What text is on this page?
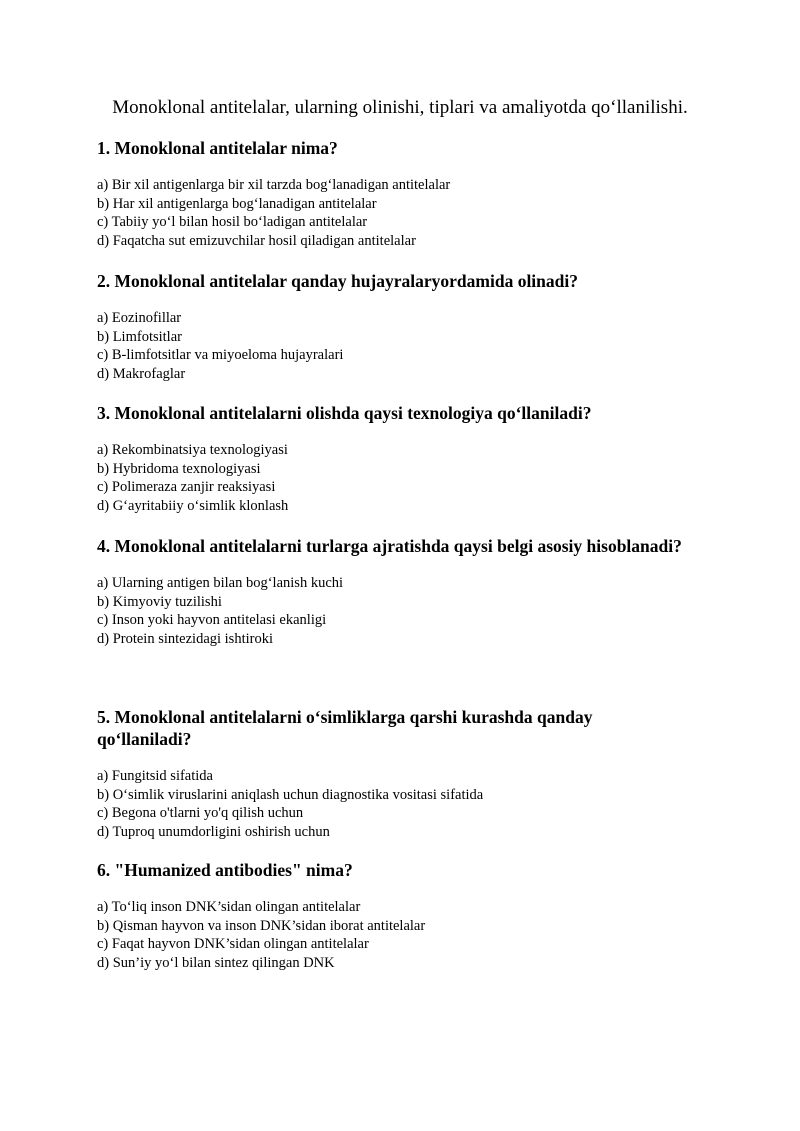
Monoklonal antitelalar, ularning olinishi, tiplari va amaliyotda qo‘llanilishi.

1. Monoklonal antitelalar nima?

a) Bir xil antigenlarga bir xil tarzda bog‘lanadigan antitelalar
b) Har xil antigenlarga bog‘lanadigan antitelalar
c) Tabiiy yo‘l bilan hosil bo‘ladigan antitelalar
d) Faqatcha sut emizuvchilar hosil qiladigan antitelalar

2. Monoklonal antitelalar qanday hujayralaryordamida olinadi?

a) Eozinofillar
b) Limfotsitlar
c) B-limfotsitlar va miyoeloma hujayralari
d) Makrofaglar

3. Monoklonal antitelalarni olishda qaysi texnologiya qo‘llaniladi?

a) Rekombinatsiya texnologiyasi
b) Hybridoma texnologiyasi
c) Polimeraza zanjir reaksiyasi
d) G‘ayritabiiy o‘simlik klonlash

4. Monoklonal antitelalarni turlarga ajratishda qaysi belgi asosiy hisoblanadi?

a) Ularning antigen bilan bog‘lanish kuchi
b) Kimyoviy tuzilishi
c) Inson yoki hayvon antitelasi ekanligi
d) Protein sintezidagi ishtiroki

5. Monoklonal antitelalarni o‘simliklarga qarshi kurashda qanday qo‘llaniladi?

a) Fungitsid sifatida
b) O‘simlik viruslarini aniqlash uchun diagnostika vositasi sifatida
c) Begona o'tlarni yo'q qilish uchun
d) Tuproq unumdorligini oshirish uchun

6. "Humanized antibodies" nima?

a) To‘liq inson DNK’sidan olingan antitelalar
b) Qisman hayvon va inson DNK’sidan iborat antitelalar
c) Faqat hayvon DNK’sidan olingan antitelalar
d) Sun’iy yo‘l bilan sintez qilingan DNK
